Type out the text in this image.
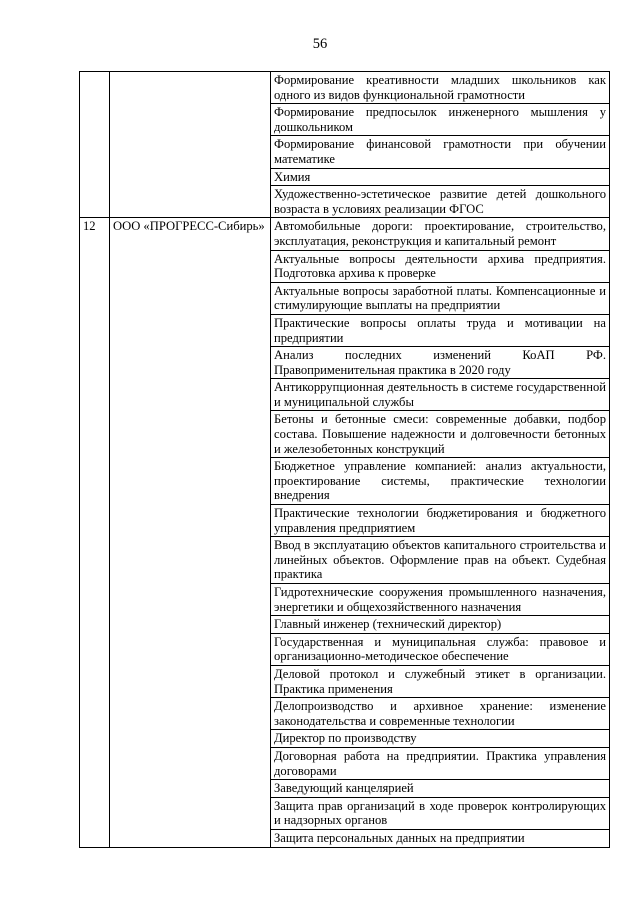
56
		Формирование креативности младших школьников как одного из видов функциональной грамотности
		Формирование предпосылок инженерного мышления у дошкольником
		Формирование финансовой грамотности при обучении математике
		Химия
		Художественно-эстетическое развитие детей дошкольного возраста в условиях реализации ФГОС
12	ООО «ПРОГРЕСС-Сибирь»	Автомобильные дороги: проектирование, строительство, эксплуатация, реконструкция и капитальный ремонт
		Актуальные вопросы деятельности архива предприятия. Подготовка архива к проверке
		Актуальные вопросы заработной платы. Компенсационные и стимулирующие выплаты на предприятии
		Практические вопросы оплаты труда и мотивации на предприятии
		Анализ последних изменений КоАП РФ. Правоприменительная практика в 2020 году
		Антикоррупционная деятельность в системе государственной и муниципальной службы
		Бетоны и бетонные смеси: современные добавки, подбор состава. Повышение надежности и долговечности бетонных и железобетонных конструкций
		Бюджетное управление компанией: анализ актуальности, проектирование системы, практические технологии внедрения
		Практические технологии бюджетирования и бюджетного управления предприятием
		Ввод в эксплуатацию объектов капитального строительства и линейных объектов. Оформление прав на объект. Судебная практика
		Гидротехнические сооружения промышленного назначения, энергетики и общехозяйственного назначения
		Главный инженер (технический директор)
		Государственная и муниципальная служба: правовое и организационно-методическое обеспечение
		Деловой протокол и служебный этикет в организации. Практика применения
		Делопроизводство и архивное хранение: изменение законодательства и современные технологии
		Директор по производству
		Договорная работа на предприятии. Практика управления договорами
		Заведующий канцелярией
		Защита прав организаций в ходе проверок контролирующих и надзорных органов
		Защита персональных данных на предприятии
